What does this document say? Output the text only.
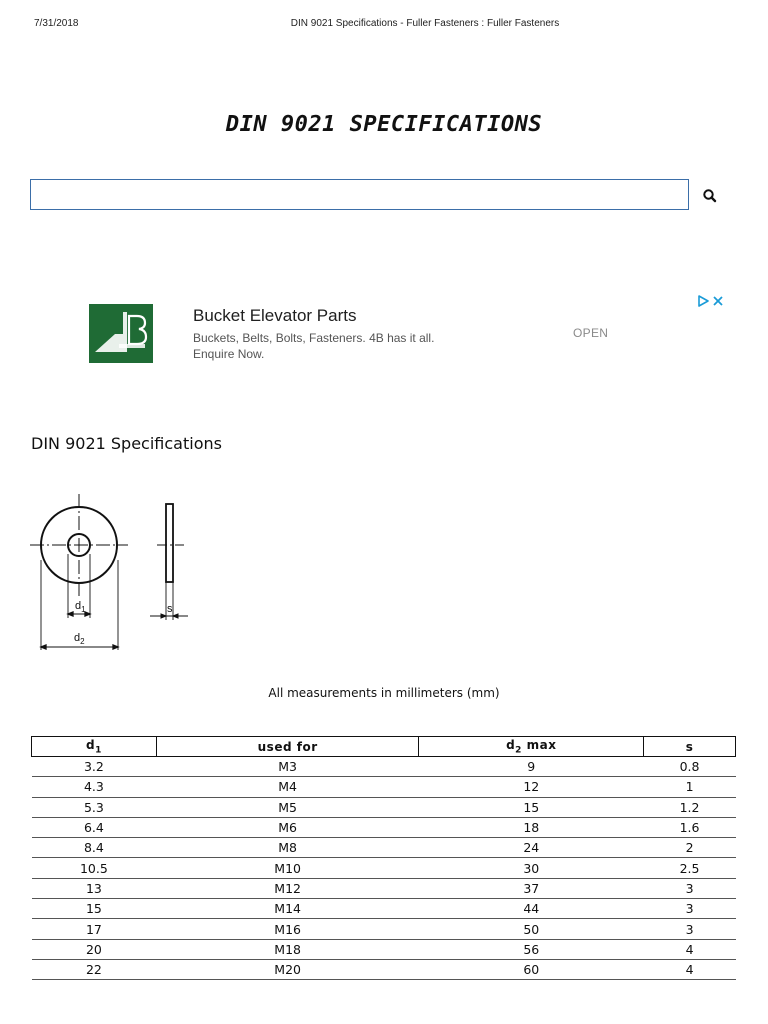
7/31/2018	DIN 9021 Specifications - Fuller Fasteners : Fuller Fasteners
DIN 9021 SPECIFICATIONS
Bucket Elevator Parts
Buckets, Belts, Bolts, Fasteners. 4B has it all. Enquire Now.
OPEN
DIN 9021 Specifications
$d_1$
$d_2$
s
All measurements in millimeters (mm)
$d_1$	used for	$d_2$ max	s
3.2	M3	9	0.8
4.3	M4	12	1
5.3	M5	15	1.2
6.4	M6	18	1.6
8.4	M8	24	2
10.5	M10	30	2.5
13	M12	37	3
15	M14	44	3
17	M16	50	3
20	M18	56	4
22	M20	60	4
